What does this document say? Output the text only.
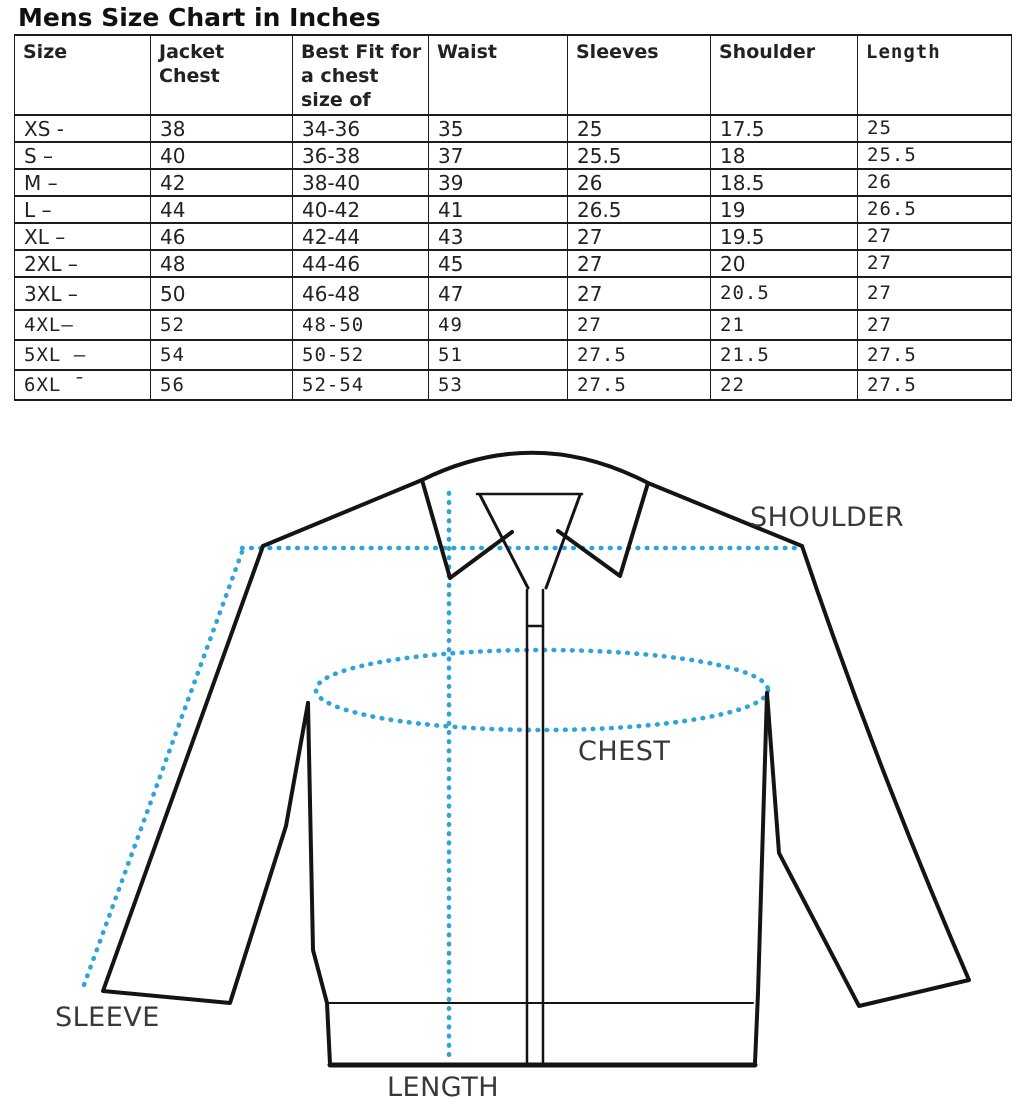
Mens Size Chart in Inches
Size	Jacket Chest	Best Fit for a chest size of	Waist	Sleeves	Shoulder	Length
XS -	38	34-36	35	25	17.5	25
S –	40	36-38	37	25.5	18	25.5
M –	42	38-40	39	26	18.5	26
L –	44	40-42	41	26.5	19	26.5
XL –	46	42-44	43	27	19.5	27
2XL –	48	44-46	45	27	20	27
3XL –	50	46-48	47	27	20.5	27
4XL–	52	48-50	49	27	21	27
5XL –	54	50-52	51	27.5	21.5	27.5
6XL ¯	56	52-54	53	27.5	22	27.5
SHOULDER
CHEST
SLEEVE
LENGTH
